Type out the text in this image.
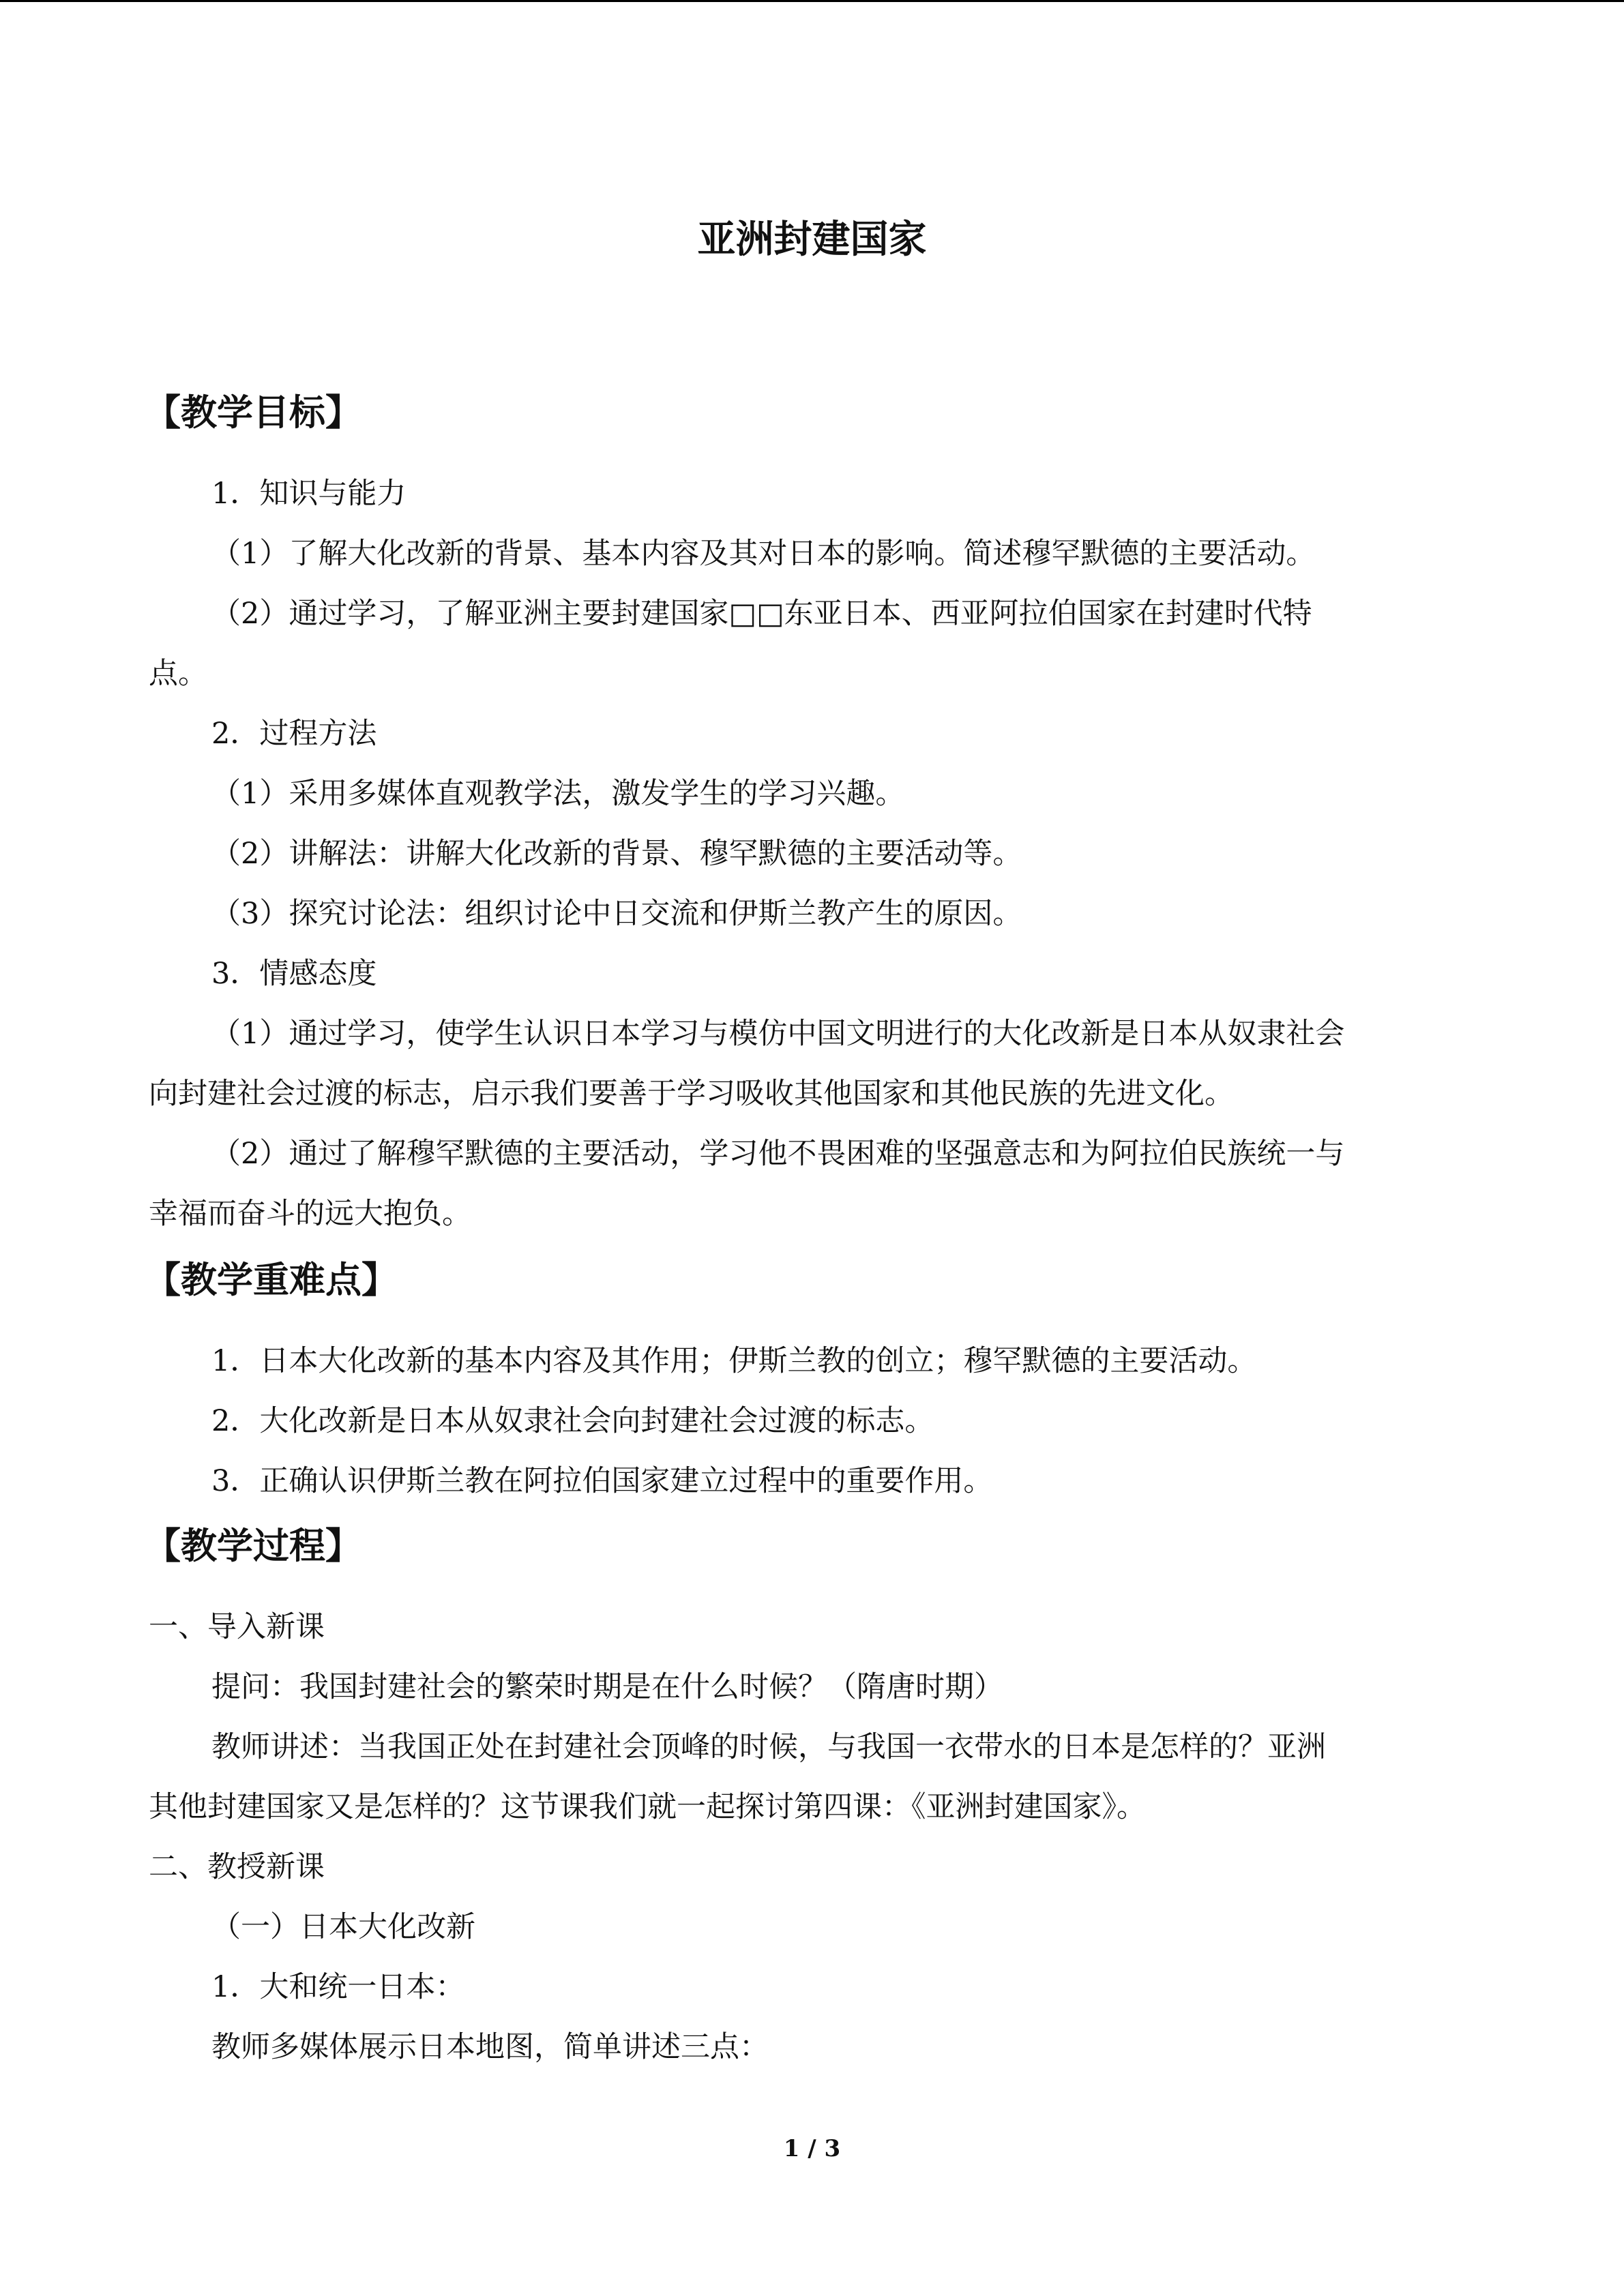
亚洲封建国家
【教学目标】

1．知识与能力

（1）了解大化改新的背景、基本内容及其对日本的影响。简述穆罕默德的主要活动。

（2）通过学习，了解亚洲主要封建国家□□东亚日本、西亚阿拉伯国家在封建时代特

点。

2．过程方法

（1）采用多媒体直观教学法，激发学生的学习兴趣。

（2）讲解法：讲解大化改新的背景、穆罕默德的主要活动等。

（3）探究讨论法：组织讨论中日交流和伊斯兰教产生的原因。

3．情感态度

（1）通过学习，使学生认识日本学习与模仿中国文明进行的大化改新是日本从奴隶社会

向封建社会过渡的标志，启示我们要善于学习吸收其他国家和其他民族的先进文化。

（2）通过了解穆罕默德的主要活动，学习他不畏困难的坚强意志和为阿拉伯民族统一与

幸福而奋斗的远大抱负。

【教学重难点】

1．日本大化改新的基本内容及其作用；伊斯兰教的创立；穆罕默德的主要活动。

2．大化改新是日本从奴隶社会向封建社会过渡的标志。

3．正确认识伊斯兰教在阿拉伯国家建立过程中的重要作用。

【教学过程】

一、导入新课

提问：我国封建社会的繁荣时期是在什么时候？（隋唐时期）

教师讲述：当我国正处在封建社会顶峰的时候，与我国一衣带水的日本是怎样的？亚洲

其他封建国家又是怎样的？这节课我们就一起探讨第四课：《亚洲封建国家》。

二、教授新课

（一）日本大化改新

1．大和统一日本：

教师多媒体展示日本地图，简单讲述三点：

1 / 3
